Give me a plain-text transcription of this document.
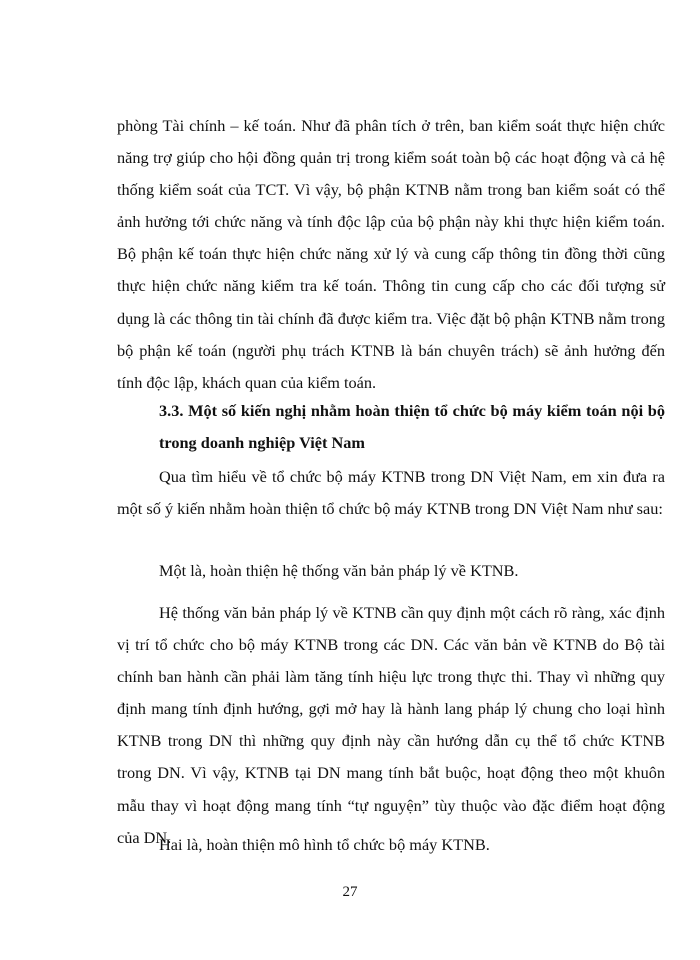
phòng Tài chính – kế toán. Như đã phân tích ở trên, ban kiểm soát thực hiện chức năng trợ giúp cho hội đồng quản trị trong kiểm soát toàn bộ các hoạt động và cả hệ thống kiểm soát của TCT. Vì vậy, bộ phận KTNB nằm trong ban kiểm soát có thể ảnh hưởng tới chức năng và tính độc lập của bộ phận này khi thực hiện kiểm toán. Bộ phận kế toán thực hiện chức năng xử lý và cung cấp thông tin đồng thời cũng thực hiện chức năng kiểm tra kế toán. Thông tin cung cấp cho các đối tượng sử dụng là các thông tin tài chính đã được kiểm tra. Việc đặt bộ phận KTNB nằm trong bộ phận kế toán (người phụ trách KTNB là bán chuyên trách) sẽ ảnh hưởng đến tính độc lập, khách quan của kiểm toán.

3.3. Một số kiến nghị nhằm hoàn thiện tổ chức bộ máy kiểm toán nội bộ trong doanh nghiệp Việt Nam

Qua tìm hiểu về tổ chức bộ máy KTNB trong DN Việt Nam, em xin đưa ra một số ý kiến nhằm hoàn thiện tổ chức bộ máy KTNB trong DN Việt Nam như sau:

Một là, hoàn thiện hệ thống văn bản pháp lý về KTNB.

Hệ thống văn bản pháp lý về KTNB cần quy định một cách rõ ràng, xác định vị trí tổ chức cho bộ máy KTNB trong các DN. Các văn bản về KTNB do Bộ tài chính ban hành cần phải làm tăng tính hiệu lực trong thực thi. Thay vì những quy định mang tính định hướng, gợi mở hay là hành lang pháp lý chung cho loại hình KTNB trong DN thì những quy định này cần hướng dẫn cụ thể tổ chức KTNB trong DN. Vì vậy, KTNB tại DN mang tính bắt buộc, hoạt động theo một khuôn mẫu thay vì hoạt động mang tính “tự nguyện” tùy thuộc vào đặc điểm hoạt động của DN.

Hai là, hoàn thiện mô hình tổ chức bộ máy KTNB.

27
